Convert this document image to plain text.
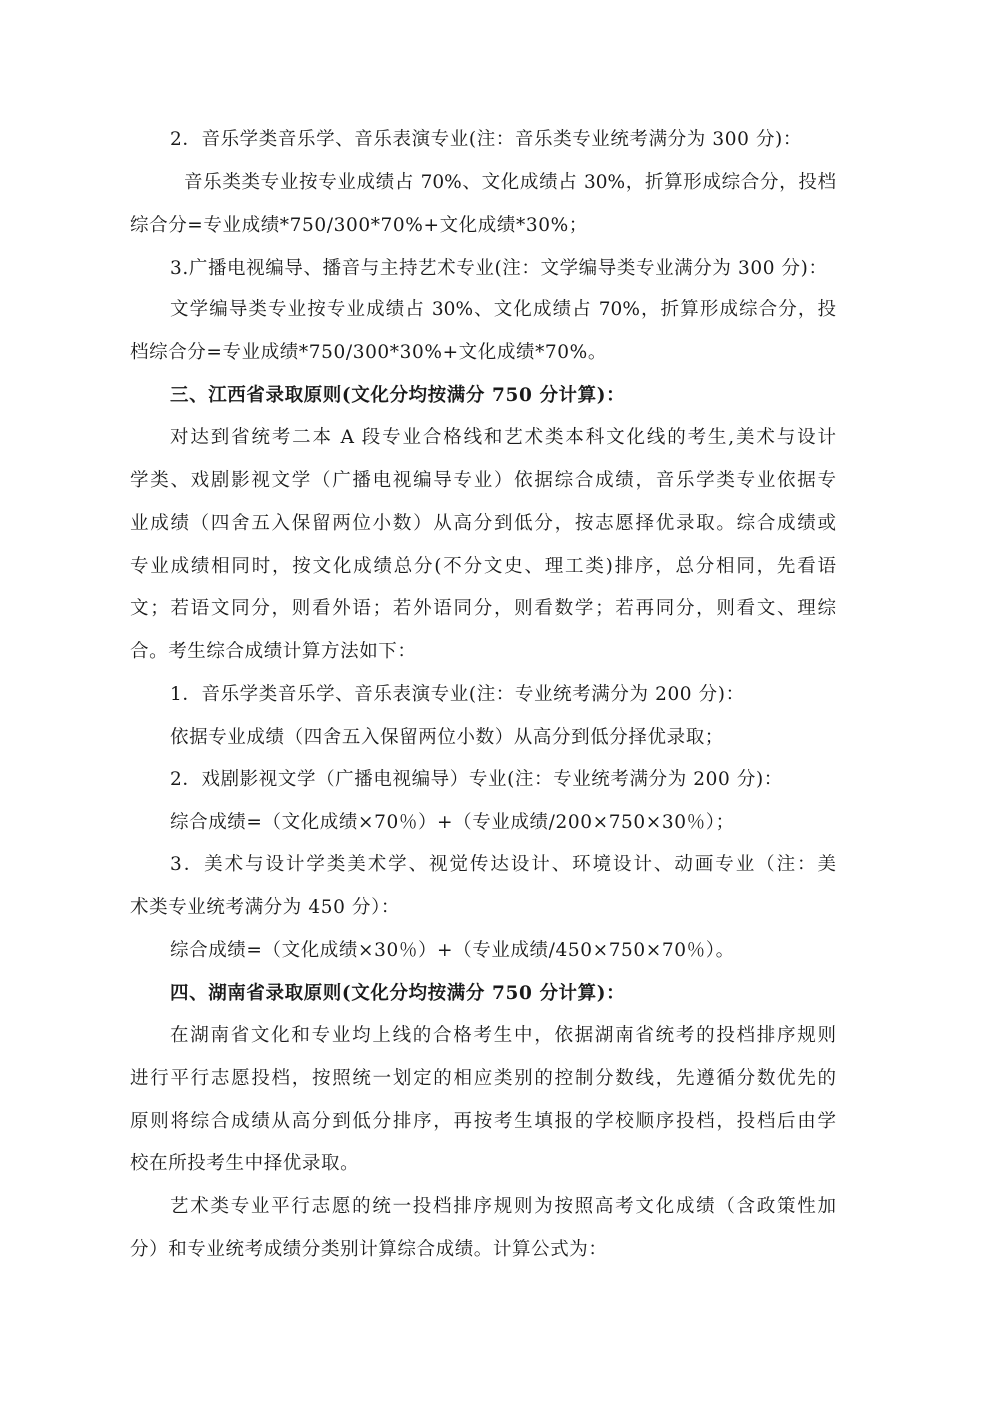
2．音乐学类音乐学、音乐表演专业(注：音乐类专业统考满分为 300 分)：
音乐类类专业按专业成绩占 70%、文化成绩占 30%，折算形成综合分，投档
综合分=专业成绩*750/300*70%+文化成绩*30%；
3.广播电视编导、播音与主持艺术专业(注：文学编导类专业满分为 300 分)：
文学编导类专业按专业成绩占 30%、文化成绩占 70%，折算形成综合分，投
档综合分=专业成绩*750/300*30%+文化成绩*70%。
三、江西省录取原则(文化分均按满分 750 分计算)：
对达到省统考二本 A 段专业合格线和艺术类本科文化线的考生,美术与设计
学类、戏剧影视文学（广播电视编导专业）依据综合成绩，音乐学类专业依据专
业成绩（四舍五入保留两位小数）从高分到低分，按志愿择优录取。综合成绩或
专业成绩相同时，按文化成绩总分(不分文史、理工类)排序，总分相同，先看语
文；若语文同分，则看外语；若外语同分，则看数学；若再同分，则看文、理综
合。考生综合成绩计算方法如下：
1．音乐学类音乐学、音乐表演专业(注：专业统考满分为 200 分)：
依据专业成绩（四舍五入保留两位小数）从高分到低分择优录取；
2．戏剧影视文学（广播电视编导）专业(注：专业统考满分为 200 分)：
综合成绩=（文化成绩×70％）+（专业成绩/200×750×30％）；
3．美术与设计学类美术学、视觉传达设计、环境设计、动画专业（注：美
术类专业统考满分为 450 分）：
综合成绩=（文化成绩×30％）+（专业成绩/450×750×70％）。
四、湖南省录取原则(文化分均按满分 750 分计算)：
在湖南省文化和专业均上线的合格考生中，依据湖南省统考的投档排序规则
进行平行志愿投档，按照统一划定的相应类别的控制分数线，先遵循分数优先的
原则将综合成绩从高分到低分排序，再按考生填报的学校顺序投档，投档后由学
校在所投考生中择优录取。
艺术类专业平行志愿的统一投档排序规则为按照高考文化成绩（含政策性加
分）和专业统考成绩分类别计算综合成绩。计算公式为：
